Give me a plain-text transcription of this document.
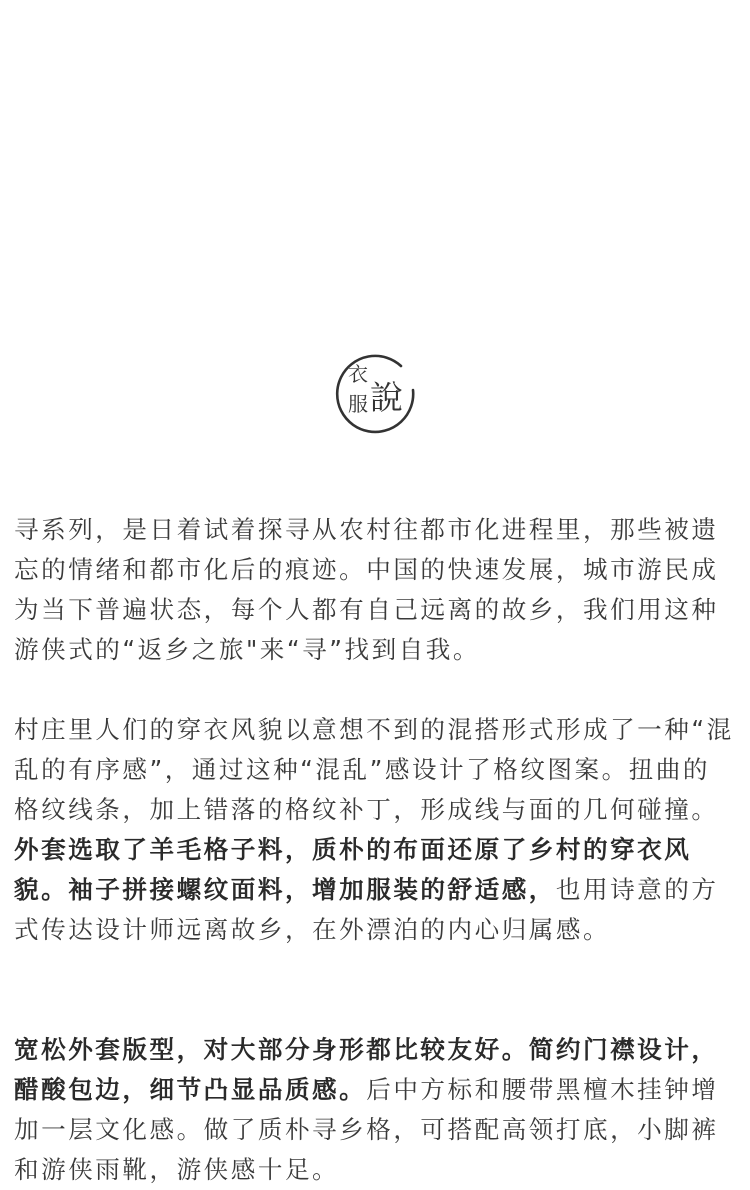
衣
服 說

寻系列，是日着试着探寻从农村往都市化进程里，那些被遗忘的情绪和都市化后的痕迹。中国的快速发展，城市游民成为当下普遍状态，每个人都有自己远离的故乡，我们用这种游侠式的“返乡之旅"来“寻”找到自我。

村庄里人们的穿衣风貌以意想不到的混搭形式形成了一种“混乱的有序感”，通过这种“混乱”感设计了格纹图案。扭曲的格纹线条，加上错落的格纹补丁，形成线与面的几何碰撞。外套选取了羊毛格子料，质朴的布面还原了乡村的穿衣风貌。袖子拼接螺纹面料，增加服装的舒适感，也用诗意的方式传达设计师远离故乡，在外漂泊的内心归属感。

宽松外套版型，对大部分身形都比较友好。简约门襟设计，醋酸包边，细节凸显品质感。后中方标和腰带黑檀木挂钟增加一层文化感。做了质朴寻乡格，可搭配高领打底，小脚裤和游侠雨靴，游侠感十足。
